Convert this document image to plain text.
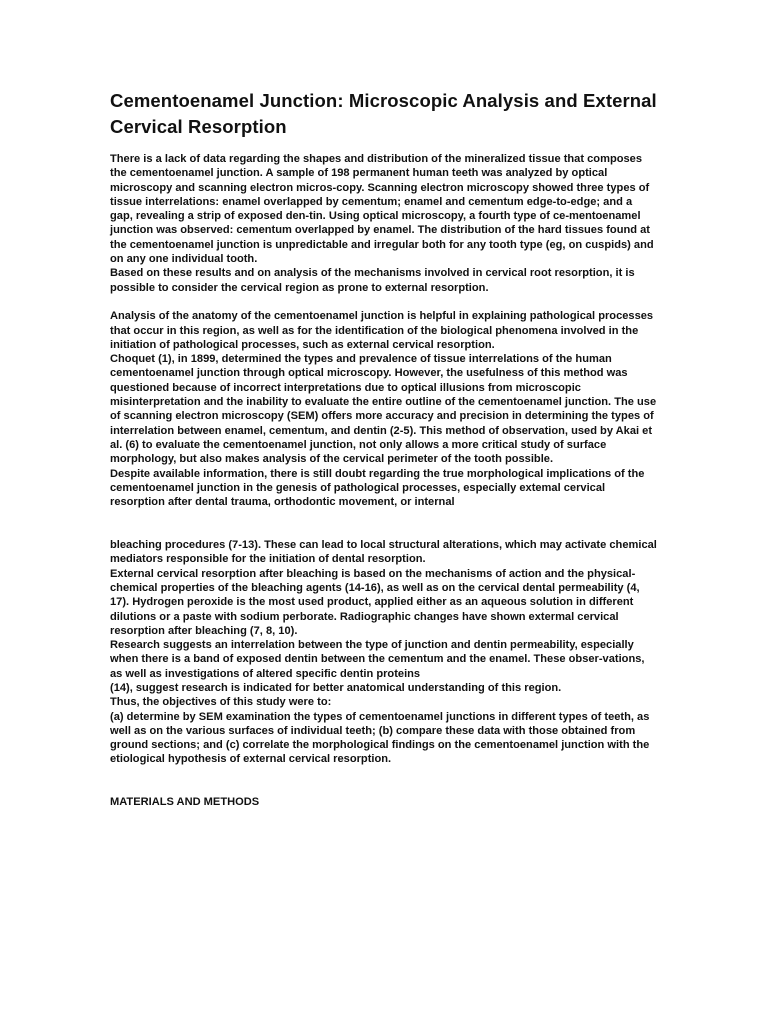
Cementoenamel Junction: Microscopic Analysis and External Cervical Resorption

There is a lack of data regarding the shapes and distribution of the mineralized tissue that composes the cementoenamel junction. A sample of 198 permanent human teeth was analyzed by optical microscopy and scanning electron micros-copy. Scanning electron microscopy showed three types of tissue interrelations: enamel overlapped by cementum; enamel and cementum edge-to-edge; and a gap, revealing a strip of exposed den-tin. Using optical microscopy, a fourth type of ce-mentoenamel junction was observed: cementum overlapped by enamel. The distribution of the hard tissues found at the cementoenamel junction is unpredictable and irregular both for any tooth type (eg, on cuspids) and on any one individual tooth.

Based on these results and on analysis of the mechanisms involved in cervical root resorption, it is possible to consider the cervical region as prone to external resorption.

Analysis of the anatomy of the cementoenamel junction is helpful in explaining pathological processes that occur in this region, as well as for the identification of the biological phenomena involved in the initiation of pathological processes, such as external cervical resorption.

Choquet (1), in 1899, determined the types and prevalence of tissue interrelations of the human cementoenamel junction through optical microscopy. However, the usefulness of this method was questioned because of incorrect interpretations due to optical illusions from microscopic misinterpretation and the inability to evaluate the entire outline of the cementoenamel junction. The use of scanning electron microscopy (SEM) offers more accuracy and precision in determining the types of interrelation between enamel, cementum, and dentin (2-5). This method of observation, used by Akai et al. (6) to evaluate the cementoenamel junction, not only allows a more critical study of surface morphology, but also makes analysis of the cervical perimeter of the tooth possible.

Despite available information, there is still doubt regarding the true morphological implications of the cementoenamel junction in the genesis of pathological processes, especially extemal cervical resorption after dental trauma, orthodontic movement, or internal

bleaching procedures (7-13). These can lead to local structural alterations, which may activate chemical mediators responsible for the initiation of dental resorption.

External cervical resorption after bleaching is based on the mechanisms of action and the physical-chemical properties of the bleaching agents (14-16), as well as on the cervical dental permeability (4, 17). Hydrogen peroxide is the most used product, applied either as an aqueous solution in different dilutions or a paste with sodium perborate. Radiographic changes have shown extermal cervical resorption after bleaching (7, 8, 10).

Research suggests an interrelation between the type of junction and dentin permeability, especially when there is a band of exposed dentin between the cementum and the enamel. These obser-vations, as well as investigations of altered specific dentin proteins

(14), suggest research is indicated for better anatomical understanding of this region.

Thus, the objectives of this study were to:

(a) determine by SEM examination the types of cementoenamel junctions in different types of teeth, as well as on the various surfaces of individual teeth; (b) compare these data with those obtained from ground sections; and (c) correlate the morphological findings on the cementoenamel junction with the etiological hypothesis of external cervical resorption.

MATERIALS AND METHODS
